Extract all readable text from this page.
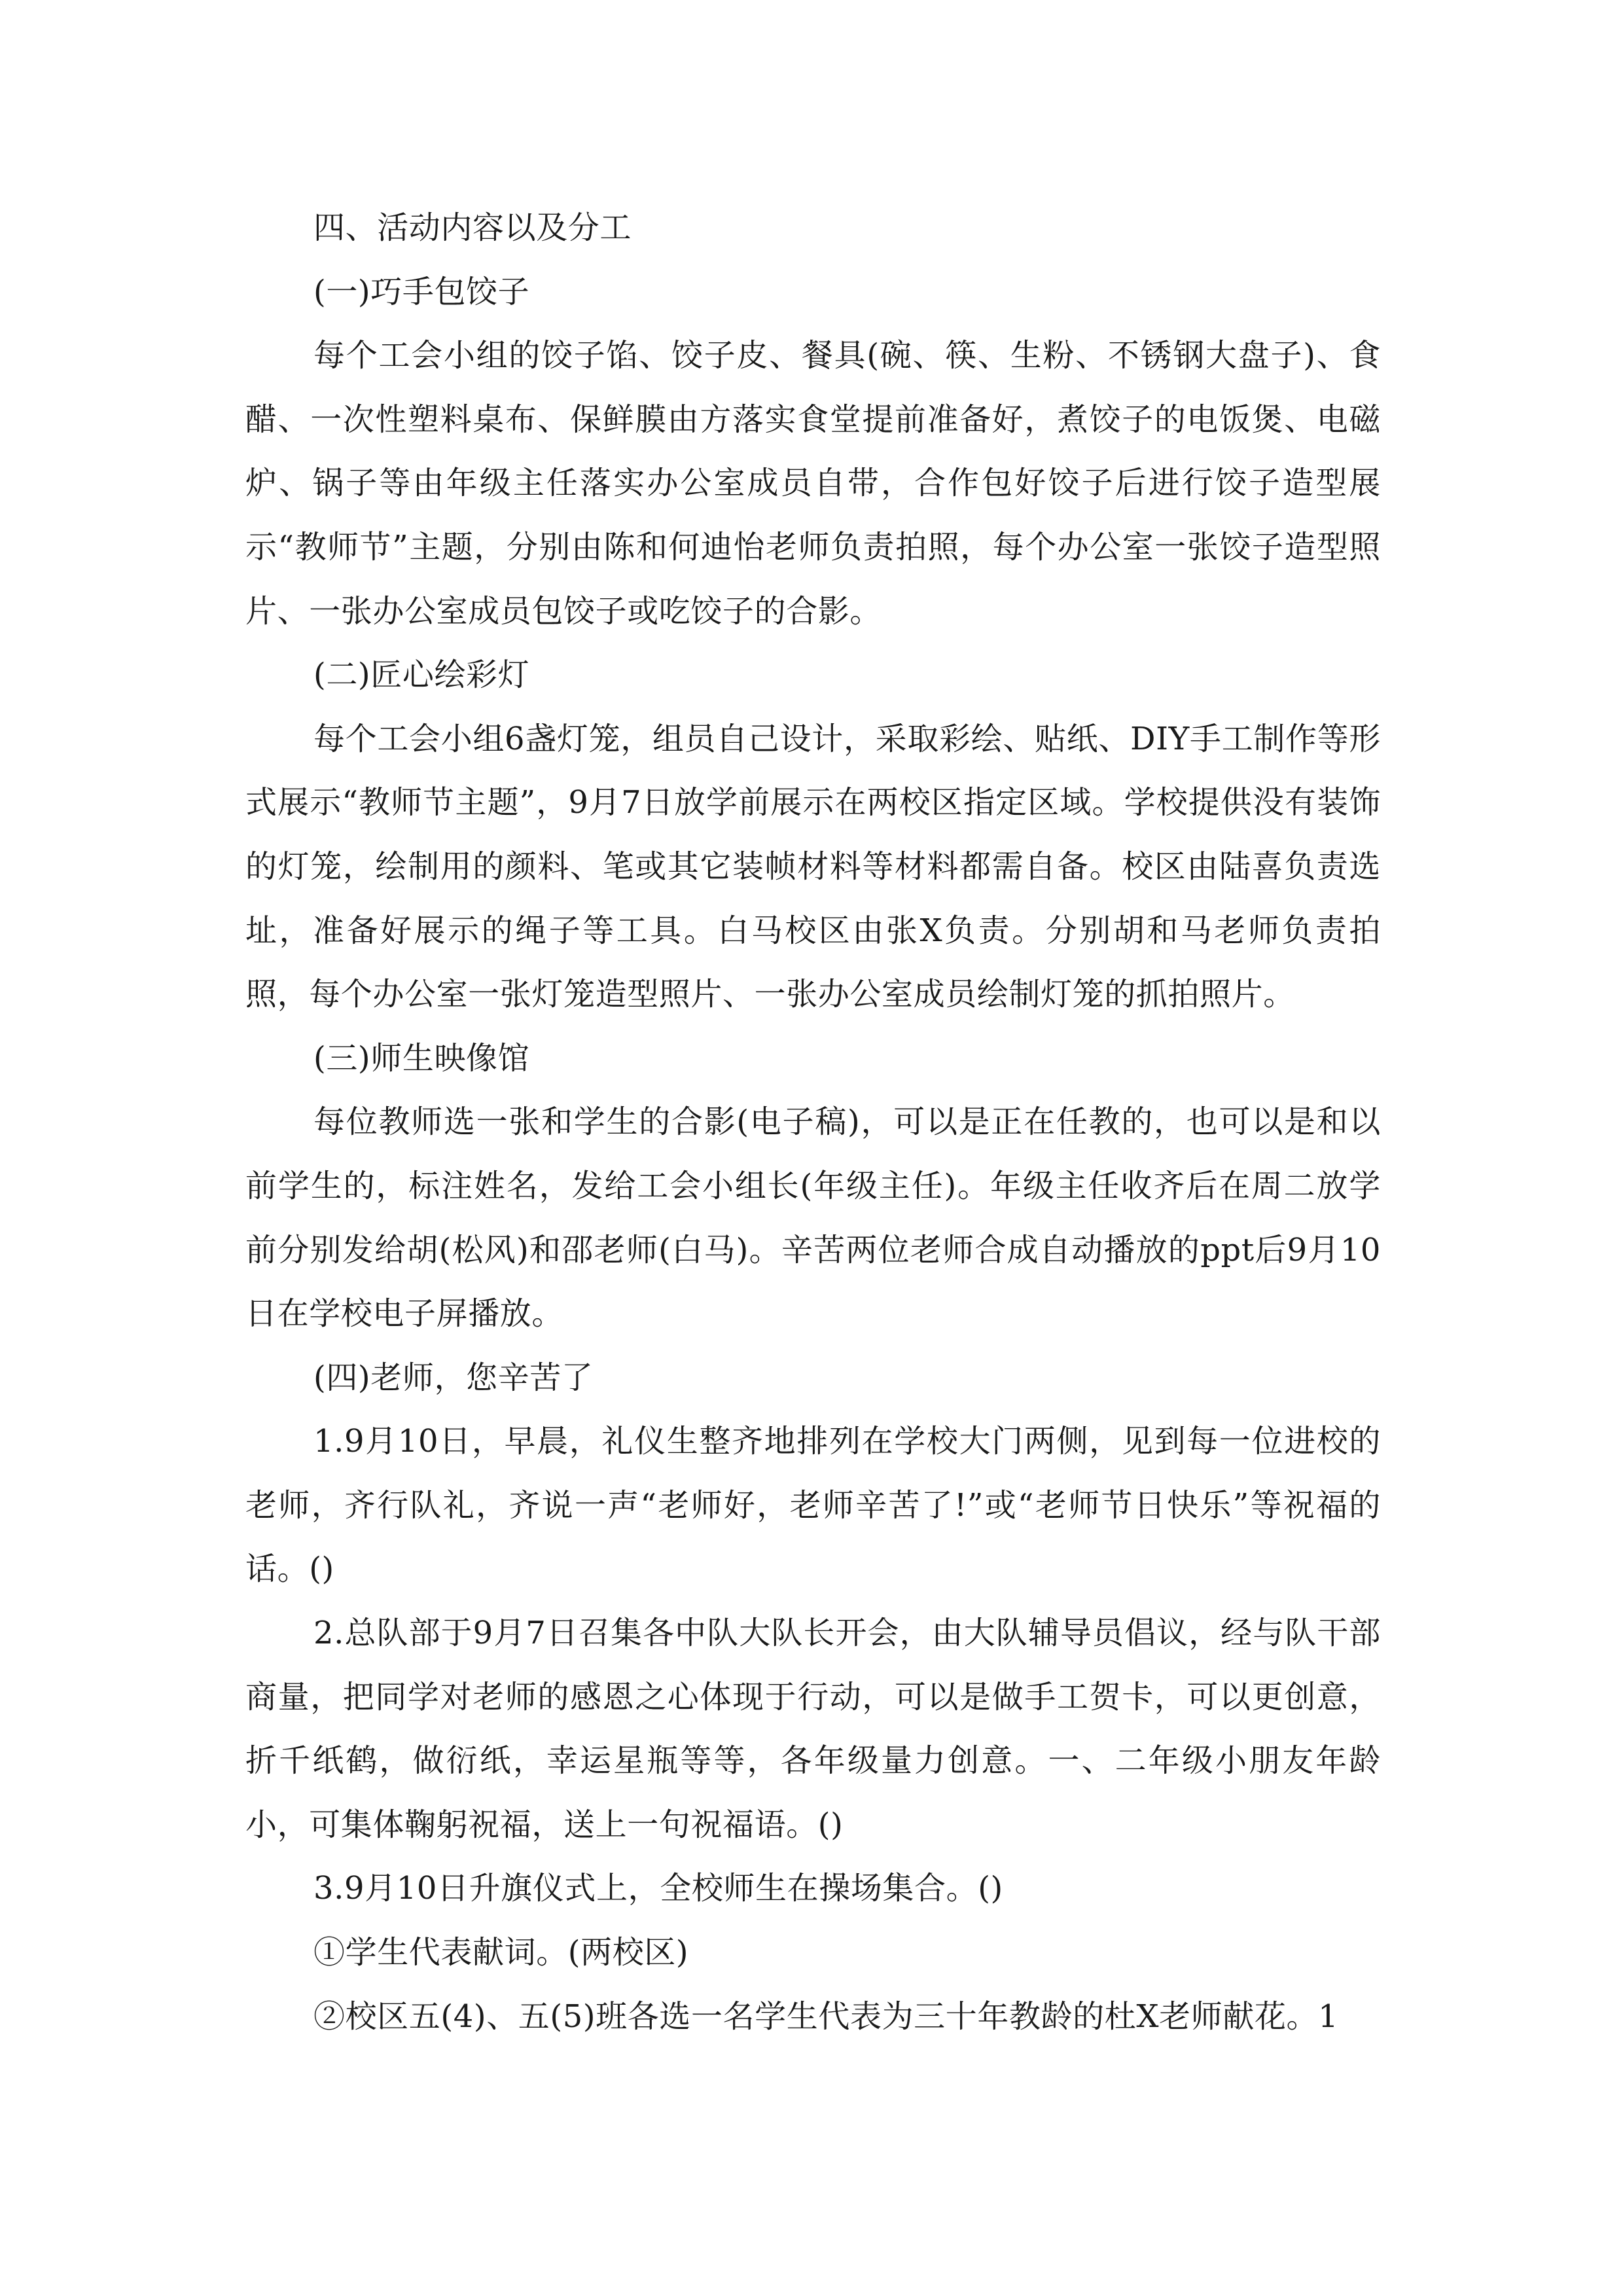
四、活动内容以及分工

(一)巧手包饺子

每个工会小组的饺子馅、饺子皮、餐具(碗、筷、生粉、不锈钢大盘子)、食醋、一次性塑料桌布、保鲜膜由方落实食堂提前准备好，煮饺子的电饭煲、电磁炉、锅子等由年级主任落实办公室成员自带，合作包好饺子后进行饺子造型展示“教师节”主题，分别由陈和何迪怡老师负责拍照，每个办公室一张饺子造型照片、一张办公室成员包饺子或吃饺子的合影。

(二)匠心绘彩灯

每个工会小组6盏灯笼，组员自己设计，采取彩绘、贴纸、DIY手工制作等形式展示“教师节主题”，9月7日放学前展示在两校区指定区域。学校提供没有装饰的灯笼，绘制用的颜料、笔或其它装帧材料等材料都需自备。校区由陆喜负责选址，准备好展示的绳子等工具。白马校区由张X负责。分别胡和马老师负责拍照，每个办公室一张灯笼造型照片、一张办公室成员绘制灯笼的抓拍照片。

(三)师生映像馆

每位教师选一张和学生的合影(电子稿)，可以是正在任教的，也可以是和以前学生的，标注姓名，发给工会小组长(年级主任)。年级主任收齐后在周二放学前分别发给胡(松风)和邵老师(白马)。辛苦两位老师合成自动播放的ppt后9月10日在学校电子屏播放。

(四)老师，您辛苦了

1.9月10日，早晨，礼仪生整齐地排列在学校大门两侧，见到每一位进校的老师，齐行队礼，齐说一声“老师好，老师辛苦了!”或“老师节日快乐”等祝福的话。()

2.总队部于9月7日召集各中队大队长开会，由大队辅导员倡议，经与队干部商量，把同学对老师的感恩之心体现于行动，可以是做手工贺卡，可以更创意，折千纸鹤，做衍纸，幸运星瓶等等，各年级量力创意。一、二年级小朋友年龄小，可集体鞠躬祝福，送上一句祝福语。()

3.9月10日升旗仪式上，全校师生在操场集合。()

①学生代表献词。(两校区)

②校区五(4)、五(5)班各选一名学生代表为三十年教龄的杜X老师献花。1
